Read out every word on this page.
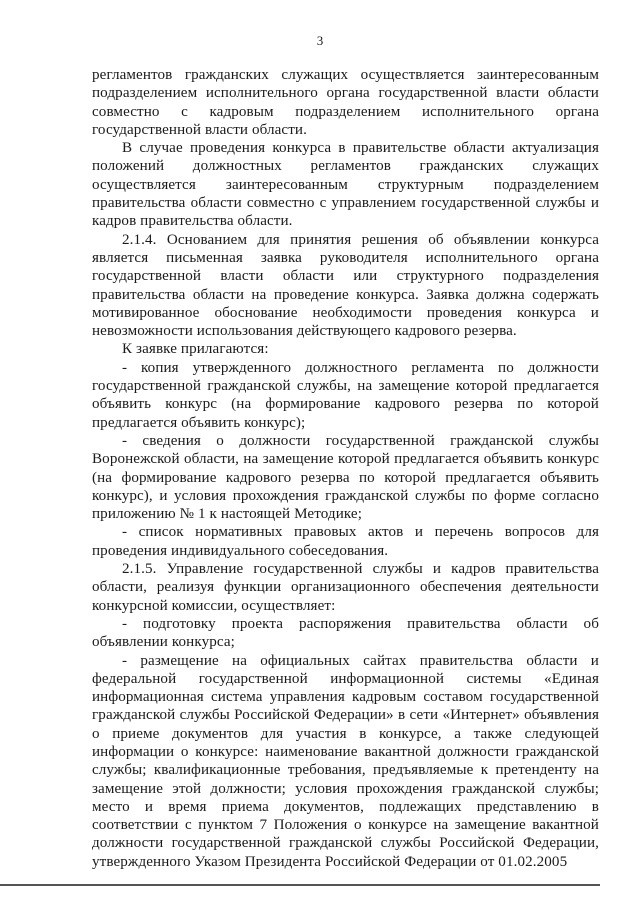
3

регламентов гражданских служащих осуществляется заинтересованным подразделением исполнительного органа государственной власти области совместно с кадровым подразделением исполнительного органа государственной власти области.

В случае проведения конкурса в правительстве области актуализация положений должностных регламентов гражданских служащих осуществляется заинтересованным структурным подразделением правительства области совместно с управлением государственной службы и кадров правительства области.

2.1.4. Основанием для принятия решения об объявлении конкурса является письменная заявка руководителя исполнительного органа государственной власти области или структурного подразделения правительства области на проведение конкурса. Заявка должна содержать мотивированное обоснование необходимости проведения конкурса и невозможности использования действующего кадрового резерва.

К заявке прилагаются:

- копия утвержденного должностного регламента по должности государственной гражданской службы, на замещение которой предлагается объявить конкурс (на формирование кадрового резерва по которой предлагается объявить конкурс);

- сведения о должности государственной гражданской службы Воронежской области, на замещение которой предлагается объявить конкурс (на формирование кадрового резерва по которой предлагается объявить конкурс), и условия прохождения гражданской службы по форме согласно приложению № 1 к настоящей Методике;

- список нормативных правовых актов и перечень вопросов для проведения индивидуального собеседования.

2.1.5. Управление государственной службы и кадров правительства области, реализуя функции организационного обеспечения деятельности конкурсной комиссии, осуществляет:

- подготовку проекта распоряжения правительства области об объявлении конкурса;

- размещение на официальных сайтах правительства области и федеральной государственной информационной системы «Единая информационная система управления кадровым составом государственной гражданской службы Российской Федерации» в сети «Интернет» объявления о приеме документов для участия в конкурсе, а также следующей информации о конкурсе: наименование вакантной должности гражданской службы; квалификационные требования, предъявляемые к претенденту на замещение этой должности; условия прохождения гражданской службы; место и время приема документов, подлежащих представлению в соответствии с пунктом 7 Положения о конкурсе на замещение вакантной должности государственной гражданской службы Российской Федерации, утвержденного Указом Президента Российской Федерации от 01.02.2005
